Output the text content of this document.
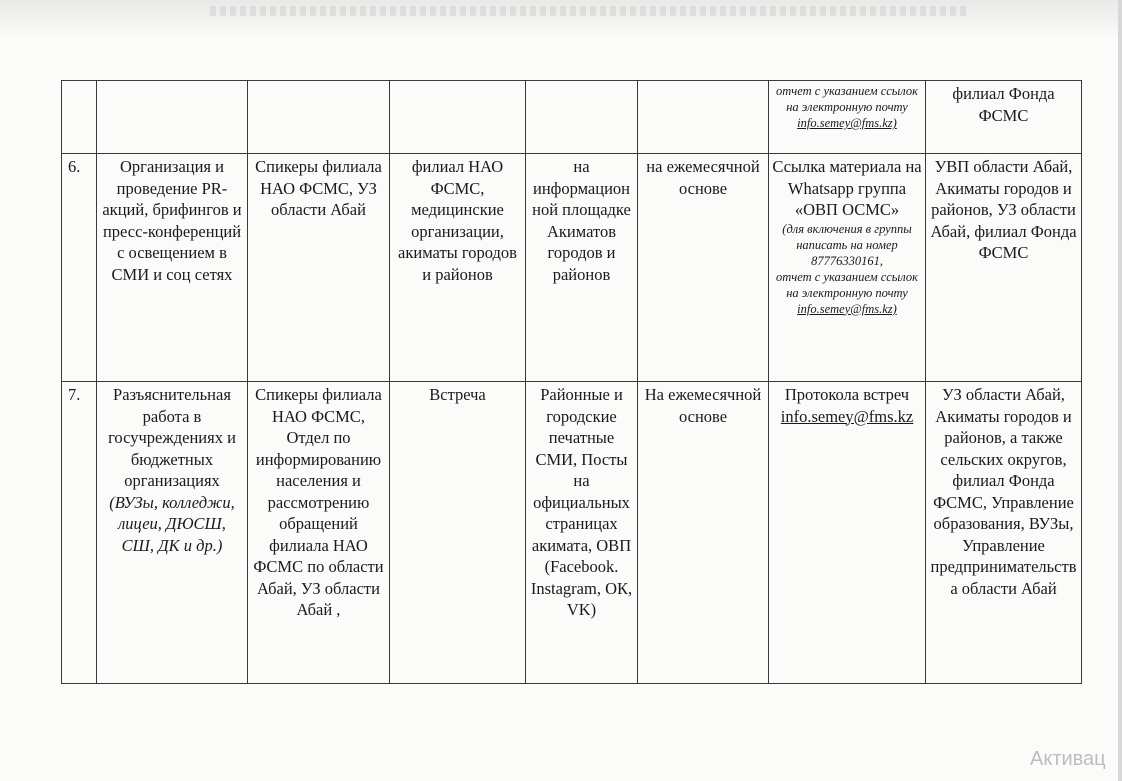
						отчет с указанием ссылок на электронную почту
info.semey@fms.kz)	филиал Фонда ФСМС
6.	Организация и проведение PR-акций, брифингов и пресс-конференций с освещением в СМИ и соц сетях	Спикеры филиала НАО ФСМС, УЗ области Абай	филиал НАО ФСМС, медицинские организации, акиматы городов и районов	на информационной площадке Акиматов городов и районов	на ежемесячной основе	Ссылка материала на Whatsapp группа «ОВП ОСМС»
(для включения в группы написать на номер 87776330161,
отчет с указанием ссылок на электронную почту
info.semey@fms.kz)	УВП области Абай, Акиматы городов и районов, УЗ области Абай, филиал Фонда ФСМС
7.	Разъяснительная работа в госучреждениях и бюджетных организациях (ВУЗы, колледжи, лицеи, ДЮСШ, СШ, ДК и др.)	Спикеры филиала НАО ФСМС, Отдел по информированию населения и рассмотрению обращений филиала НАО ФСМС по области Абай, УЗ области Абай ,	Встреча	Районные и городские печатные СМИ, Посты на официальных страницах акимата, ОВП (Facebook. Instagram, ОК, VK)	На ежемесячной основе	Протокола встреч
info.semey@fms.kz	УЗ области Абай, Акиматы городов и районов, а также сельских округов, филиал Фонда ФСМС, Управление образования, ВУЗы, Управление предпринимательства области Абай
Активац
